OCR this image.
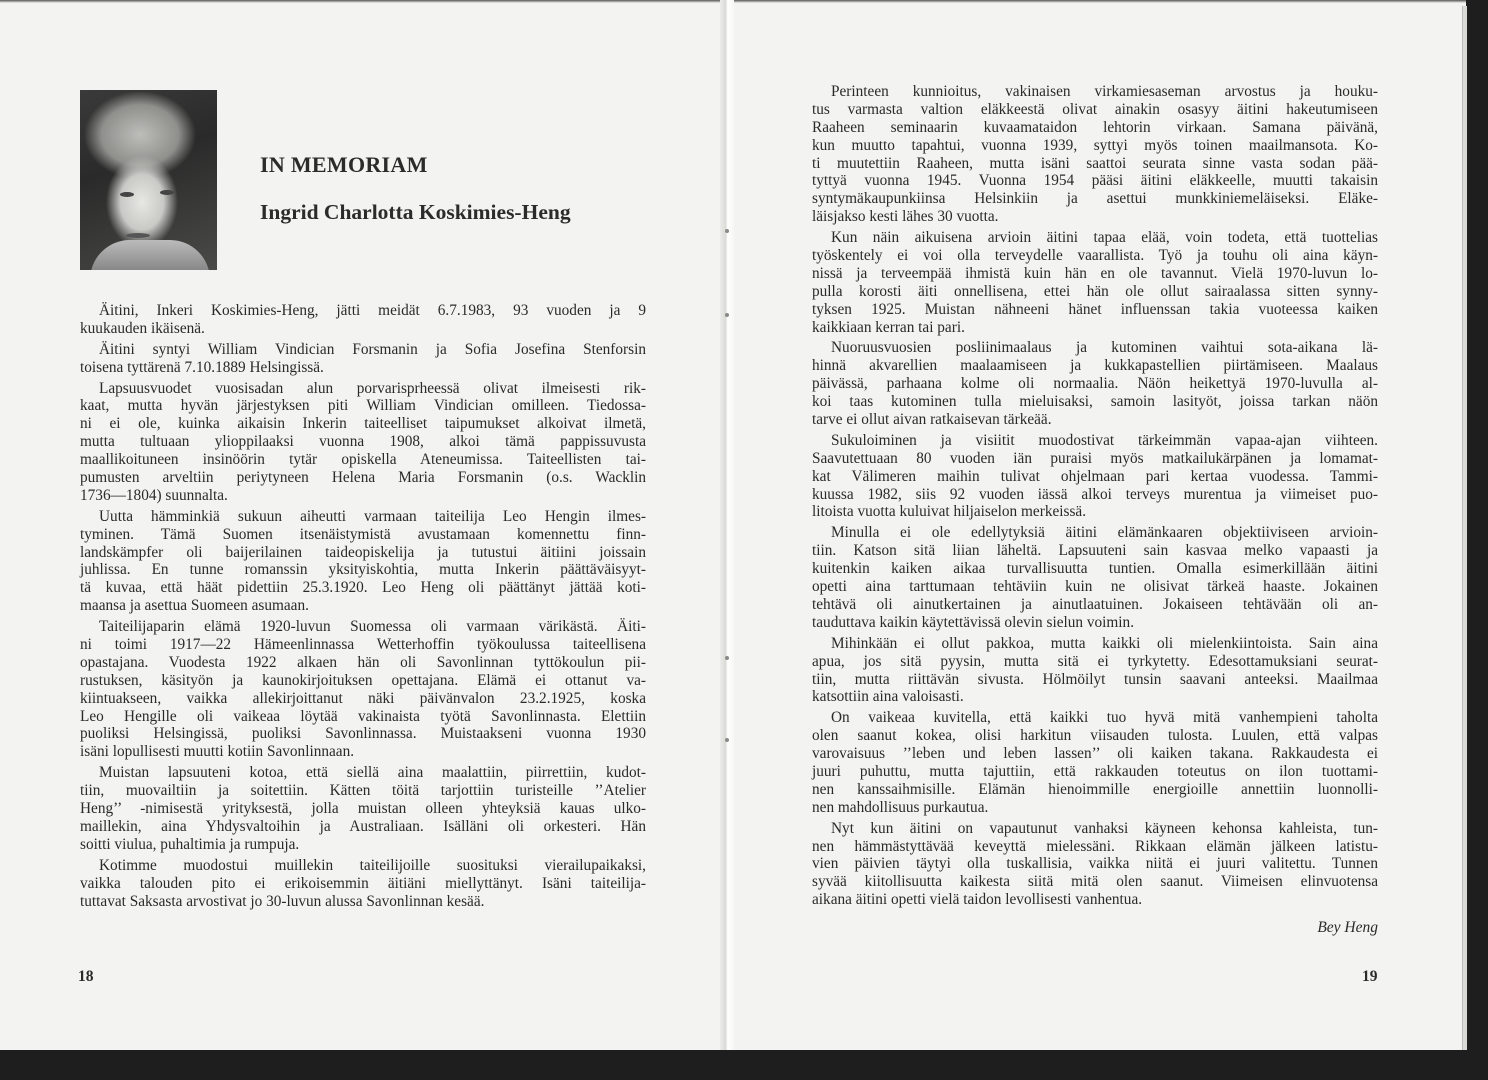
IN MEMORIAM
Ingrid Charlotta Koskimies-Heng
Äitini, Inkeri Koskimies-Heng, jätti meidät 6.7.1983, 93 vuoden ja 9
kuukauden ikäisenä.
Äitini syntyi William Vindician Forsmanin ja Sofia Josefina Stenforsin
toisena tyttärenä 7.10.1889 Helsingissä.
Lapsuusvuodet vuosisadan alun porvarisprheessä olivat ilmeisesti rik-
kaat, mutta hyvän järjestyksen piti William Vindician omilleen. Tiedossa-
ni ei ole, kuinka aikaisin Inkerin taiteelliset taipumukset alkoivat ilmetä,
mutta tultuaan ylioppilaaksi vuonna 1908, alkoi tämä pappissuvusta
maallikoituneen insinöörin tytär opiskella Ateneumissa. Taiteellisten tai-
pumusten arveltiin periytyneen Helena Maria Forsmanin (o.s. Wacklin
1736—1804) suunnalta.
Uutta hämminkiä sukuun aiheutti varmaan taiteilija Leo Hengin ilmes-
tyminen. Tämä Suomen itsenäistymistä avustamaan komennettu finn-
landskämpfer oli baijerilainen taideopiskelija ja tutustui äitiini joissain
juhlissa. En tunne romanssin yksityiskohtia, mutta Inkerin päättäväisyyt-
tä kuvaa, että häät pidettiin 25.3.1920. Leo Heng oli päättänyt jättää koti-
maansa ja asettua Suomeen asumaan.
Taiteilijaparin elämä 1920-luvun Suomessa oli varmaan värikästä. Äiti-
ni toimi 1917—22 Hämeenlinnassa Wetterhoffin työkoulussa taiteellisena
opastajana. Vuodesta 1922 alkaen hän oli Savonlinnan tyttökoulun pii-
rustuksen, käsityön ja kaunokirjoituksen opettajana. Elämä ei ottanut va-
kiintuakseen, vaikka allekirjoittanut näki päivänvalon 23.2.1925, koska
Leo Hengille oli vaikeaa löytää vakinaista työtä Savonlinnasta. Elettiin
puoliksi Helsingissä, puoliksi Savonlinnassa. Muistaakseni vuonna 1930
isäni lopullisesti muutti kotiin Savonlinnaan.
Muistan lapsuuteni kotoa, että siellä aina maalattiin, piirrettiin, kudot-
tiin, muovailtiin ja soitettiin. Kätten töitä tarjottiin turisteille ’’Atelier
Heng’’ -nimisestä yrityksestä, jolla muistan olleen yhteyksiä kauas ulko-
maillekin, aina Yhdysvaltoihin ja Australiaan. Isälläni oli orkesteri. Hän
soitti viulua, puhaltimia ja rumpuja.
Kotimme muodostui muillekin taiteilijoille suosituksi vierailupaikaksi,
vaikka talouden pito ei erikoisemmin äitiäni miellyttänyt. Isäni taiteilija-
tuttavat Saksasta arvostivat jo 30-luvun alussa Savonlinnan kesää.
18
Perinteen kunnioitus, vakinaisen virkamiesaseman arvostus ja houku-
tus varmasta valtion eläkkeestä olivat ainakin osasyy äitini hakeutumiseen
Raaheen seminaarin kuvaamataidon lehtorin virkaan. Samana päivänä,
kun muutto tapahtui, vuonna 1939, syttyi myös toinen maailmansota. Ko-
ti muutettiin Raaheen, mutta isäni saattoi seurata sinne vasta sodan pää-
tyttyä vuonna 1945. Vuonna 1954 pääsi äitini eläkkeelle, muutti takaisin
syntymäkaupunkiinsa Helsinkiin ja asettui munkkiniemeläiseksi. Eläke-
läisjakso kesti lähes 30 vuotta.
Kun näin aikuisena arvioin äitini tapaa elää, voin todeta, että tuottelias
työskentely ei voi olla terveydelle vaarallista. Työ ja touhu oli aina käyn-
nissä ja terveempää ihmistä kuin hän en ole tavannut. Vielä 1970-luvun lo-
pulla korosti äiti onnellisena, ettei hän ole ollut sairaalassa sitten synny-
tyksen 1925. Muistan nähneeni hänet influenssan takia vuoteessa kaiken
kaikkiaan kerran tai pari.
Nuoruusvuosien posliinimaalaus ja kutominen vaihtui sota-aikana lä-
hinnä akvarellien maalaamiseen ja kukkapastellien piirtämiseen. Maalaus
päivässä, parhaana kolme oli normaalia. Näön heikettyä 1970-luvulla al-
koi taas kutominen tulla mieluisaksi, samoin lasityöt, joissa tarkan näön
tarve ei ollut aivan ratkaisevan tärkeää.
Sukuloiminen ja visiitit muodostivat tärkeimmän vapaa-ajan viihteen.
Saavutettuaan 80 vuoden iän puraisi myös matkailukärpänen ja lomamat-
kat Välimeren maihin tulivat ohjelmaan pari kertaa vuodessa. Tammi-
kuussa 1982, siis 92 vuoden iässä alkoi terveys murentua ja viimeiset puo-
litoista vuotta kuluivat hiljaiselon merkeissä.
Minulla ei ole edellytyksiä äitini elämänkaaren objektiiviseen arvioin-
tiin. Katson sitä liian läheltä. Lapsuuteni sain kasvaa melko vapaasti ja
kuitenkin kaiken aikaa turvallisuutta tuntien. Omalla esimerkillään äitini
opetti aina tarttumaan tehtäviin kuin ne olisivat tärkeä haaste. Jokainen
tehtävä oli ainutkertainen ja ainutlaatuinen. Jokaiseen tehtävään oli an-
tauduttava kaikin käytettävissä olevin sielun voimin.
Mihinkään ei ollut pakkoa, mutta kaikki oli mielenkiintoista. Sain aina
apua, jos sitä pyysin, mutta sitä ei tyrkytetty. Edesottamuksiani seurat-
tiin, mutta riittävän sivusta. Hölmöilyt tunsin saavani anteeksi. Maailmaa
katsottiin aina valoisasti.
On vaikeaa kuvitella, että kaikki tuo hyvä mitä vanhempieni taholta
olen saanut kokea, olisi harkitun viisauden tulosta. Luulen, että valpas
varovaisuus ’’leben und leben lassen’’ oli kaiken takana. Rakkaudesta ei
juuri puhuttu, mutta tajuttiin, että rakkauden toteutus on ilon tuottami-
nen kanssaihmisille. Elämän hienoimmille energioille annettiin luonnolli-
nen mahdollisuus purkautua.
Nyt kun äitini on vapautunut vanhaksi käyneen kehonsa kahleista, tun-
nen hämmästyttävää keveyttä mielessäni. Rikkaan elämän jälkeen latistu-
vien päivien täytyi olla tuskallisia, vaikka niitä ei juuri valitettu. Tunnen
syvää kiitollisuutta kaikesta siitä mitä olen saanut. Viimeisen elinvuotensa
aikana äitini opetti vielä taidon levollisesti vanhentua.
Bey Heng
19
